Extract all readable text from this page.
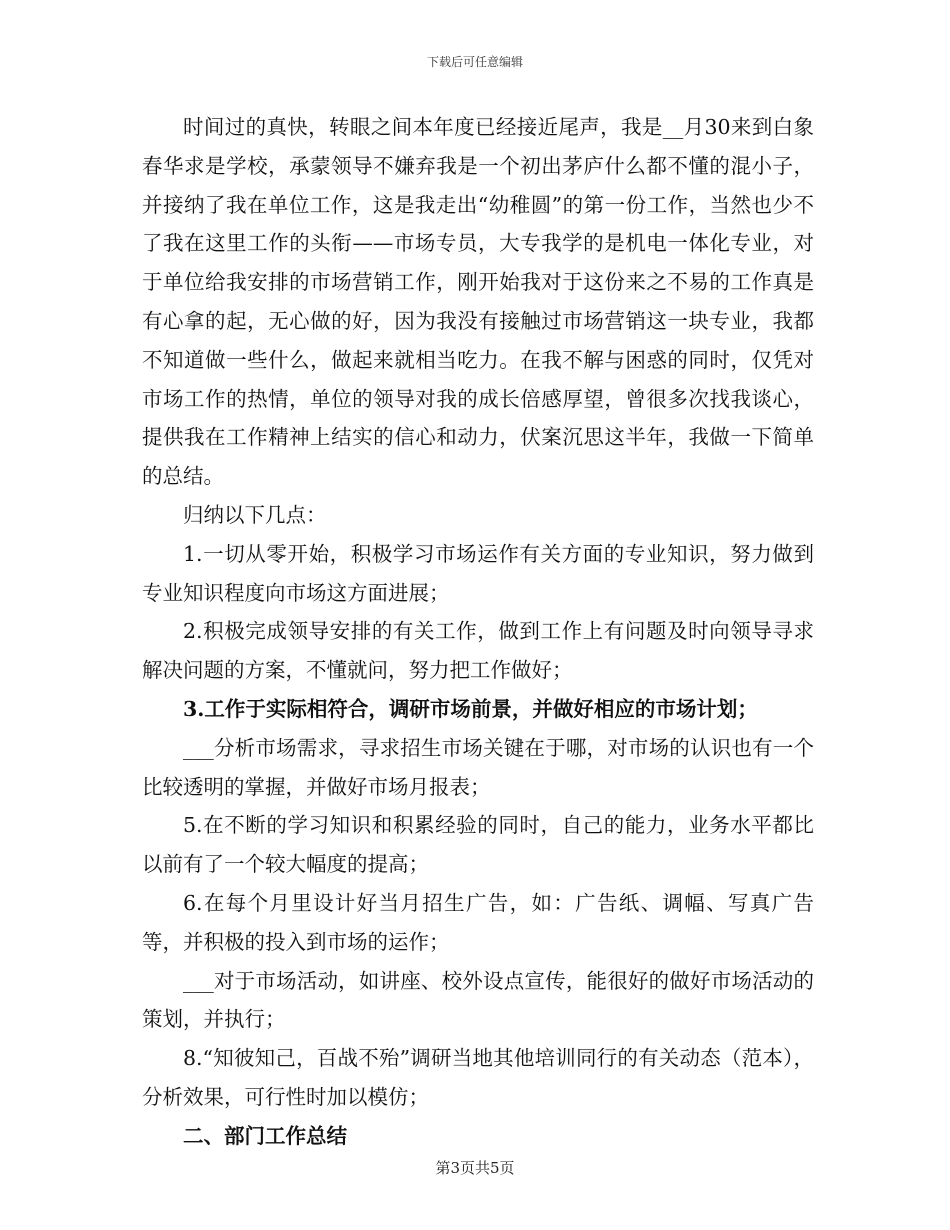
下载后可任意编辑

时间过的真快，转眼之间本年度已经接近尾声，我是__月30来到白象春华求是学校，承蒙领导不嫌弃我是一个初出茅庐什么都不懂的混小子，并接纳了我在单位工作，这是我走出“幼稚圆”的第一份工作，当然也少不了我在这里工作的头衔——市场专员，大专我学的是机电一体化专业，对于单位给我安排的市场营销工作，刚开始我对于这份来之不易的工作真是有心拿的起，无心做的好，因为我没有接触过市场营销这一块专业，我都不知道做一些什么，做起来就相当吃力。在我不解与困惑的同时，仅凭对市场工作的热情，单位的领导对我的成长倍感厚望，曾很多次找我谈心，提供我在工作精神上结实的信心和动力，伏案沉思这半年，我做一下简单的总结。

归纳以下几点：

1.一切从零开始，积极学习市场运作有关方面的专业知识，努力做到专业知识程度向市场这方面进展；

2.积极完成领导安排的有关工作，做到工作上有问题及时向领导寻求解决问题的方案，不懂就问，努力把工作做好；

3.工作于实际相符合，调研市场前景，并做好相应的市场计划；

___分析市场需求，寻求招生市场关键在于哪，对市场的认识也有一个比较透明的掌握，并做好市场月报表；

5.在不断的学习知识和积累经验的同时，自己的能力，业务水平都比以前有了一个较大幅度的提高；

6.在每个月里设计好当月招生广告，如：广告纸、调幅、写真广告等，并积极的投入到市场的运作；

___对于市场活动，如讲座、校外设点宣传，能很好的做好市场活动的策划，并执行；

8.“知彼知己，百战不殆”调研当地其他培训同行的有关动态（范本），分析效果，可行性时加以模仿；

二、部门工作总结

第3页共5页
